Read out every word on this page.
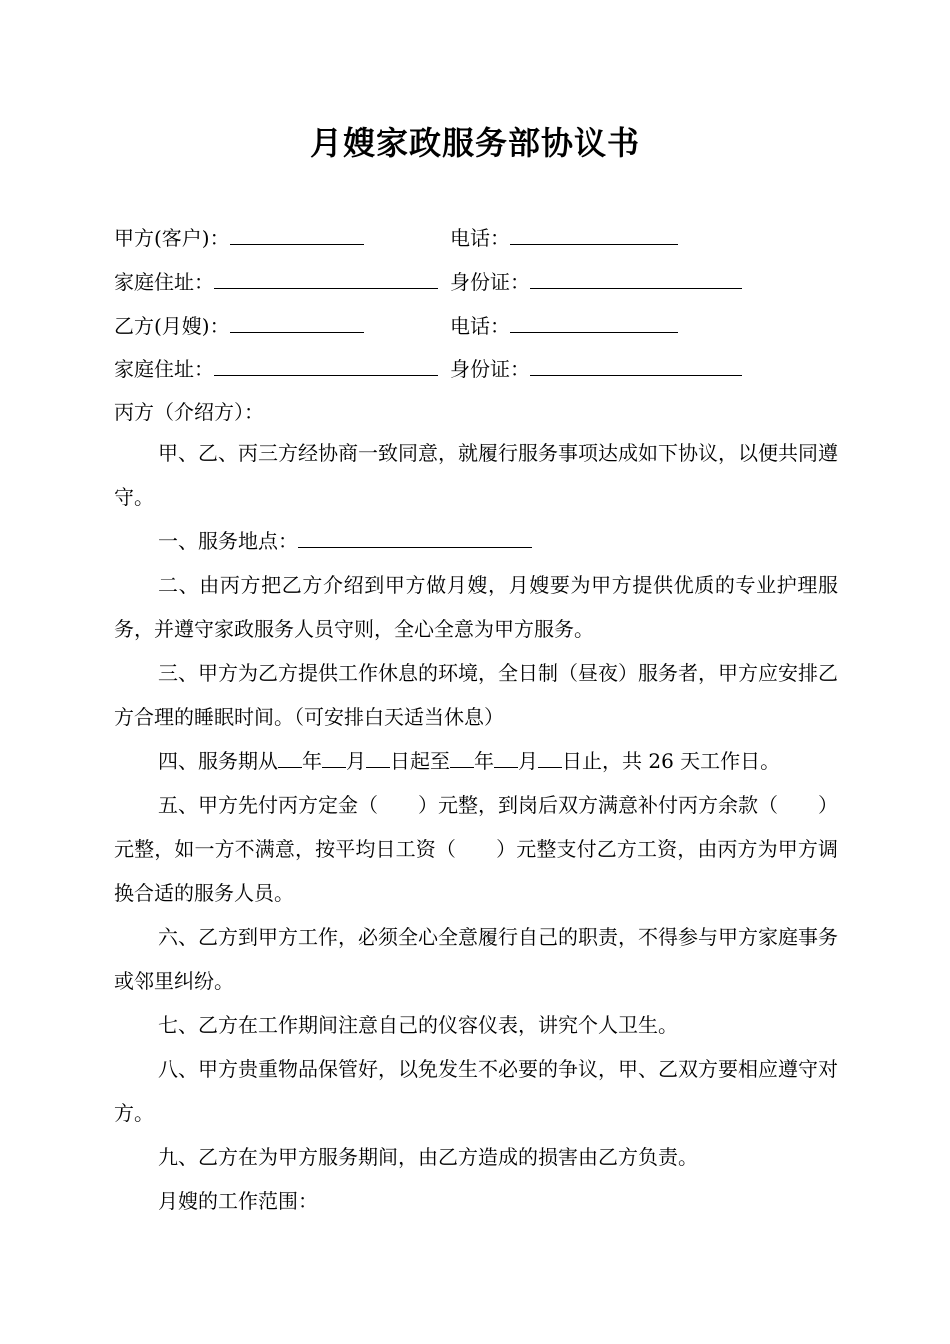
月嫂家政服务部协议书
甲方(客户)：	电话：
家庭住址：	身份证：
乙方(月嫂)：	电话：
家庭住址：	身份证：
丙方（介绍方）：
甲、乙、丙三方经协商一致同意，就履行服务事项达成如下协议，以便共同遵守。
一、服务地点：
二、由丙方把乙方介绍到甲方做月嫂，月嫂要为甲方提供优质的专业护理服务，并遵守家政服务人员守则，全心全意为甲方服务。
三、甲方为乙方提供工作休息的环境，全日制（昼夜）服务者，甲方应安排乙方合理的睡眠时间。（可安排白天适当休息）
四、服务期从 年 月 日起至 年 月 日止，共 26 天工作日。
五、甲方先付丙方定金（　　）元整，到岗后双方满意补付丙方余款（　　）元整，如一方不满意，按平均日工资（　　）元整支付乙方工资，由丙方为甲方调换合适的服务人员。
六、乙方到甲方工作，必须全心全意履行自己的职责，不得参与甲方家庭事务或邻里纠纷。
七、乙方在工作期间注意自己的仪容仪表，讲究个人卫生。
八、甲方贵重物品保管好，以免发生不必要的争议，甲、乙双方要相应遵守对方。
九、乙方在为甲方服务期间，由乙方造成的损害由乙方负责。
月嫂的工作范围：
